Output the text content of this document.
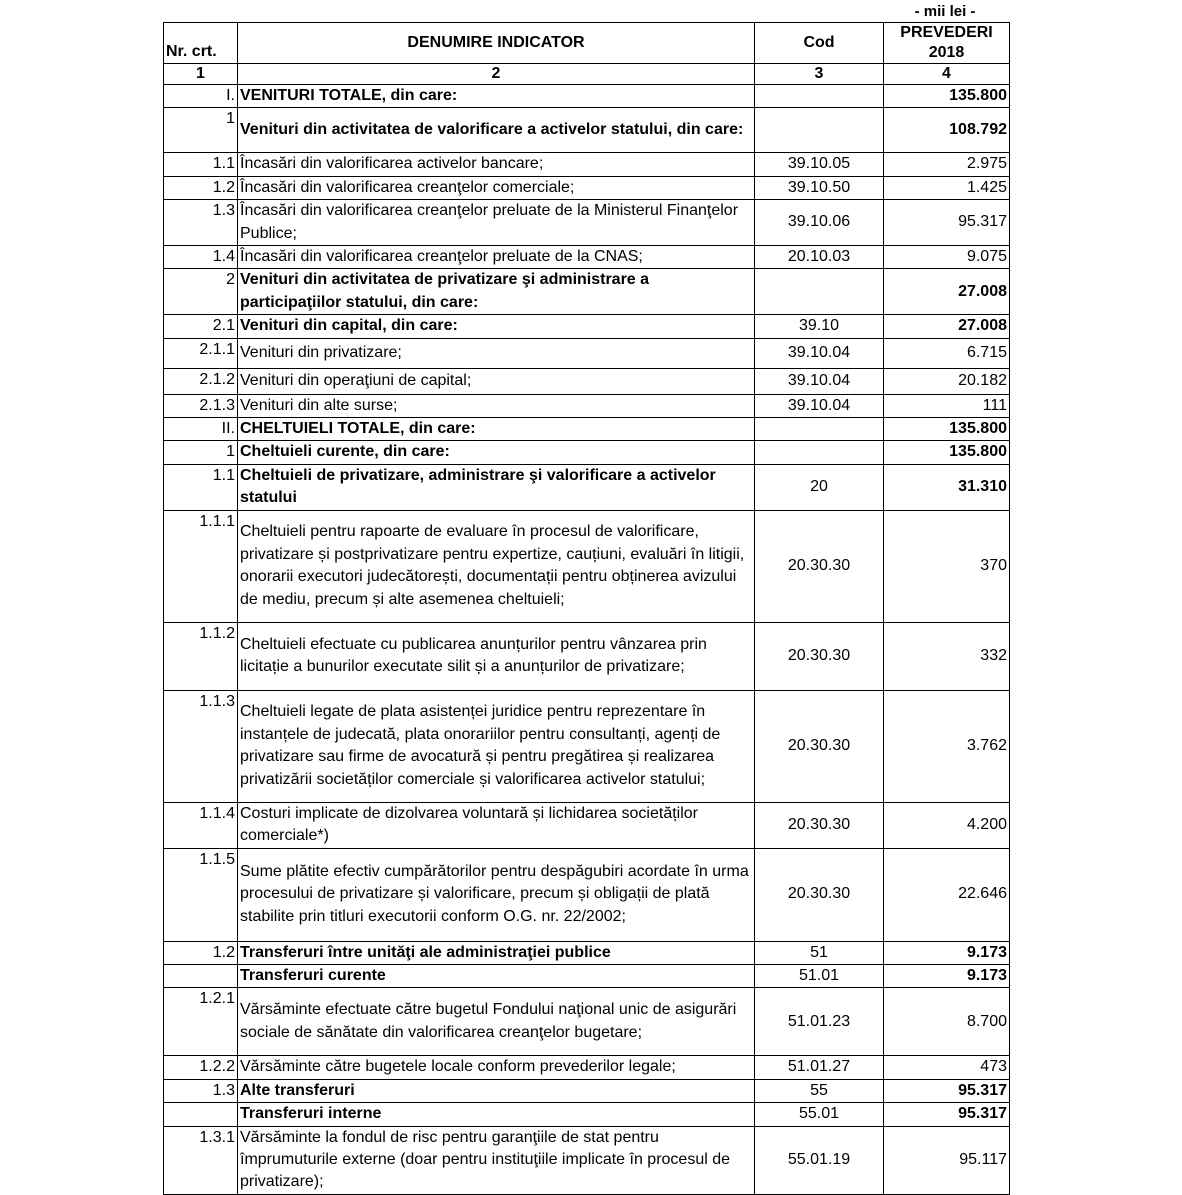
- mii lei -
Nr. crt.	DENUMIRE INDICATOR	Cod	PREVEDERI
2018
1	2	3	4
I.	VENITURI TOTALE, din care:		135.800
1	Venituri din activitatea de valorificare a activelor statului, din care:		108.792
1.1	Încasări din valorificarea activelor bancare;	39.10.05	2.975
1.2	Încasări din valorificarea creanţelor comerciale;	39.10.50	1.425
1.3	Încasări din valorificarea creanţelor preluate de la Ministerul Finanţelor Publice;	39.10.06	95.317
1.4	Încasări din valorificarea creanţelor preluate de la CNAS;	20.10.03	9.075
2	Venituri din activitatea de privatizare şi administrare a participaţiilor statului, din care:		27.008
2.1	Venituri din capital, din care:	39.10	27.008
2.1.1	Venituri din privatizare;	39.10.04	6.715
2.1.2	Venituri din operaţiuni de capital;	39.10.04	20.182
2.1.3	Venituri din alte surse;	39.10.04	111
II.	CHELTUIELI TOTALE, din care:		135.800
1	Cheltuieli curente, din care:		135.800
1.1	Cheltuieli de privatizare, administrare şi valorificare a activelor statului	20	31.310
1.1.1	Cheltuieli pentru rapoarte de evaluare în procesul de valorificare, privatizare și postprivatizare pentru expertize, cauțiuni, evaluări în litigii, onorarii executori judecătorești, documentații pentru obținerea avizului de mediu, precum și alte asemenea cheltuieli;	20.30.30	370
1.1.2	Cheltuieli efectuate cu publicarea anunțurilor pentru vânzarea prin licitație a bunurilor executate silit și a anunțurilor de privatizare;	20.30.30	332
1.1.3	Cheltuieli legate de plata asistenței juridice pentru reprezentare în instanțele de judecată, plata onorariilor pentru consultanți, agenți de privatizare sau firme de avocatură și pentru pregătirea și realizarea privatizării societăților comerciale și valorificarea activelor statului;	20.30.30	3.762
1.1.4	Costuri implicate de dizolvarea voluntară și lichidarea societăților comerciale*)	20.30.30	4.200
1.1.5	Sume plătite efectiv cumpărătorilor pentru despăgubiri acordate în urma procesului de privatizare și valorificare, precum și obligații de plată stabilite prin titluri executorii conform O.G. nr. 22/2002;	20.30.30	22.646
1.2	Transferuri între unităţi ale administraţiei publice	51	9.173
	Transferuri curente	51.01	9.173
1.2.1	Vărsăminte efectuate către bugetul Fondului naţional unic de asigurări sociale de sănătate din valorificarea creanţelor bugetare;	51.01.23	8.700
1.2.2	Vărsăminte către bugetele locale conform prevederilor legale;	51.01.27	473
1.3	Alte transferuri	55	95.317
	Transferuri interne	55.01	95.317
1.3.1	Vărsăminte la fondul de risc pentru garanţiile de stat pentru împrumuturile externe (doar pentru instituţiile implicate în procesul de privatizare);	55.01.19	95.117
